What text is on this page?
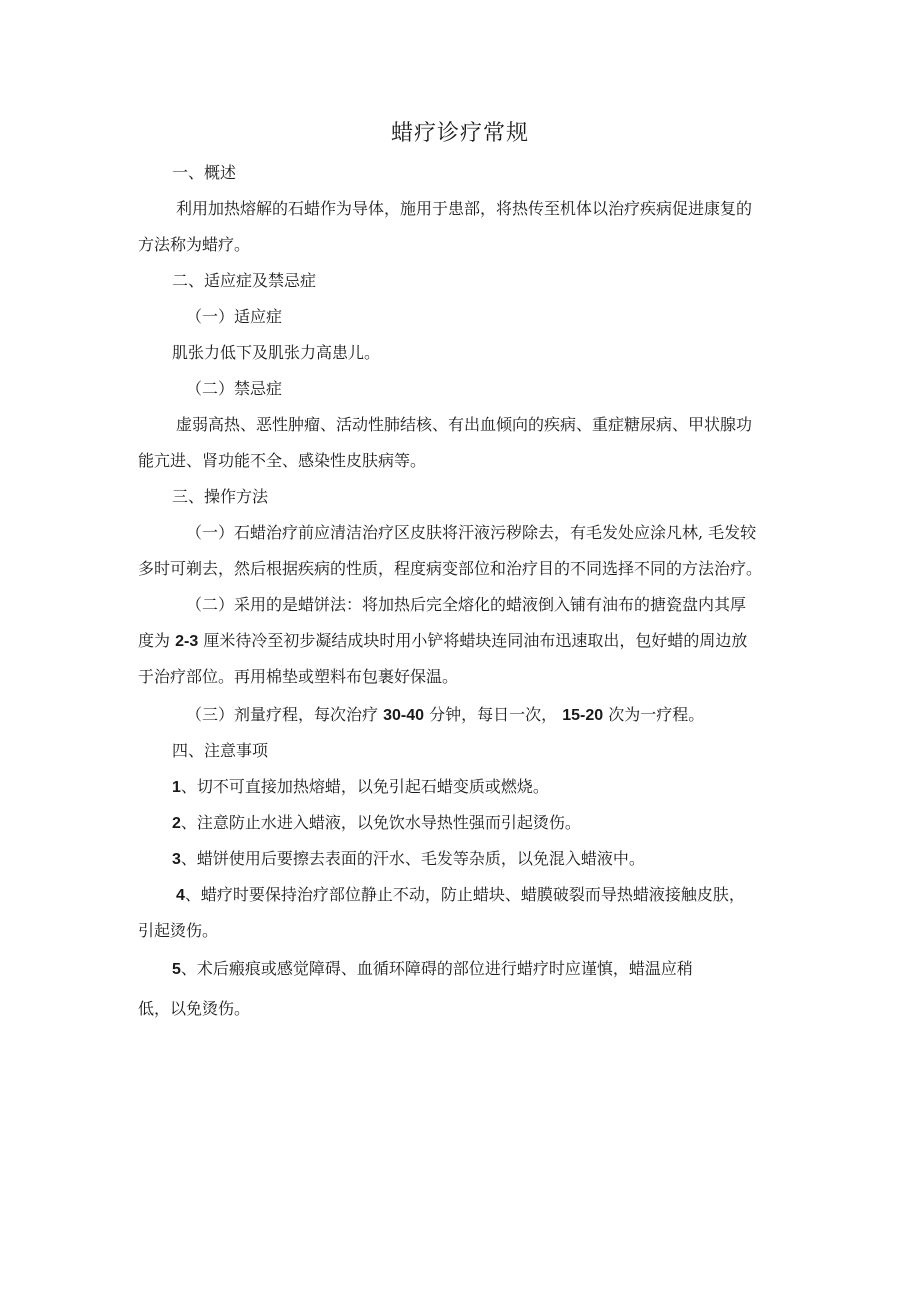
蜡疗诊疗常规
一、概述
利用加热熔解的石蜡作为导体，施用于患部，将热传至机体以治疗疾病促进康复的
方法称为蜡疗。
二、适应症及禁忌症
（一）适应症
肌张力低下及肌张力高患儿。
（二）禁忌症
虚弱高热、恶性肿瘤、活动性肺结核、有出血倾向的疾病、重症糖尿病、甲状腺功
能亢进、肾功能不全、感染性皮肤病等。
三、操作方法
（一）石蜡治疗前应清洁治疗区皮肤将汗液污秽除去，有毛发处应涂凡林, 毛发较
多时可剃去，然后根据疾病的性质，程度病变部位和治疗目的不同选择不同的方法治疗。
（二）采用的是蜡饼法：将加热后完全熔化的蜡液倒入铺有油布的搪瓷盘内其厚
度为 2-3 厘米待冷至初步凝结成块时用小铲将蜡块连同油布迅速取出，包好蜡的周边放
于治疗部位。再用棉垫或塑料布包裹好保温。
（三）剂量疗程，每次治疗 30-40 分钟，每日一次， 15-20 次为一疗程。
四、注意事项
1、切不可直接加热熔蜡，以免引起石蜡变质或燃烧。
2、注意防止水进入蜡液，以免饮水导热性强而引起烫伤。
3、蜡饼使用后要擦去表面的汗水、毛发等杂质，以免混入蜡液中。
4、蜡疗时要保持治疗部位静止不动，防止蜡块、蜡膜破裂而导热蜡液接触皮肤，
引起烫伤。
5、术后瘢痕或感觉障碍、血循环障碍的部位进行蜡疗时应谨慎，蜡温应稍
低，以免烫伤。
